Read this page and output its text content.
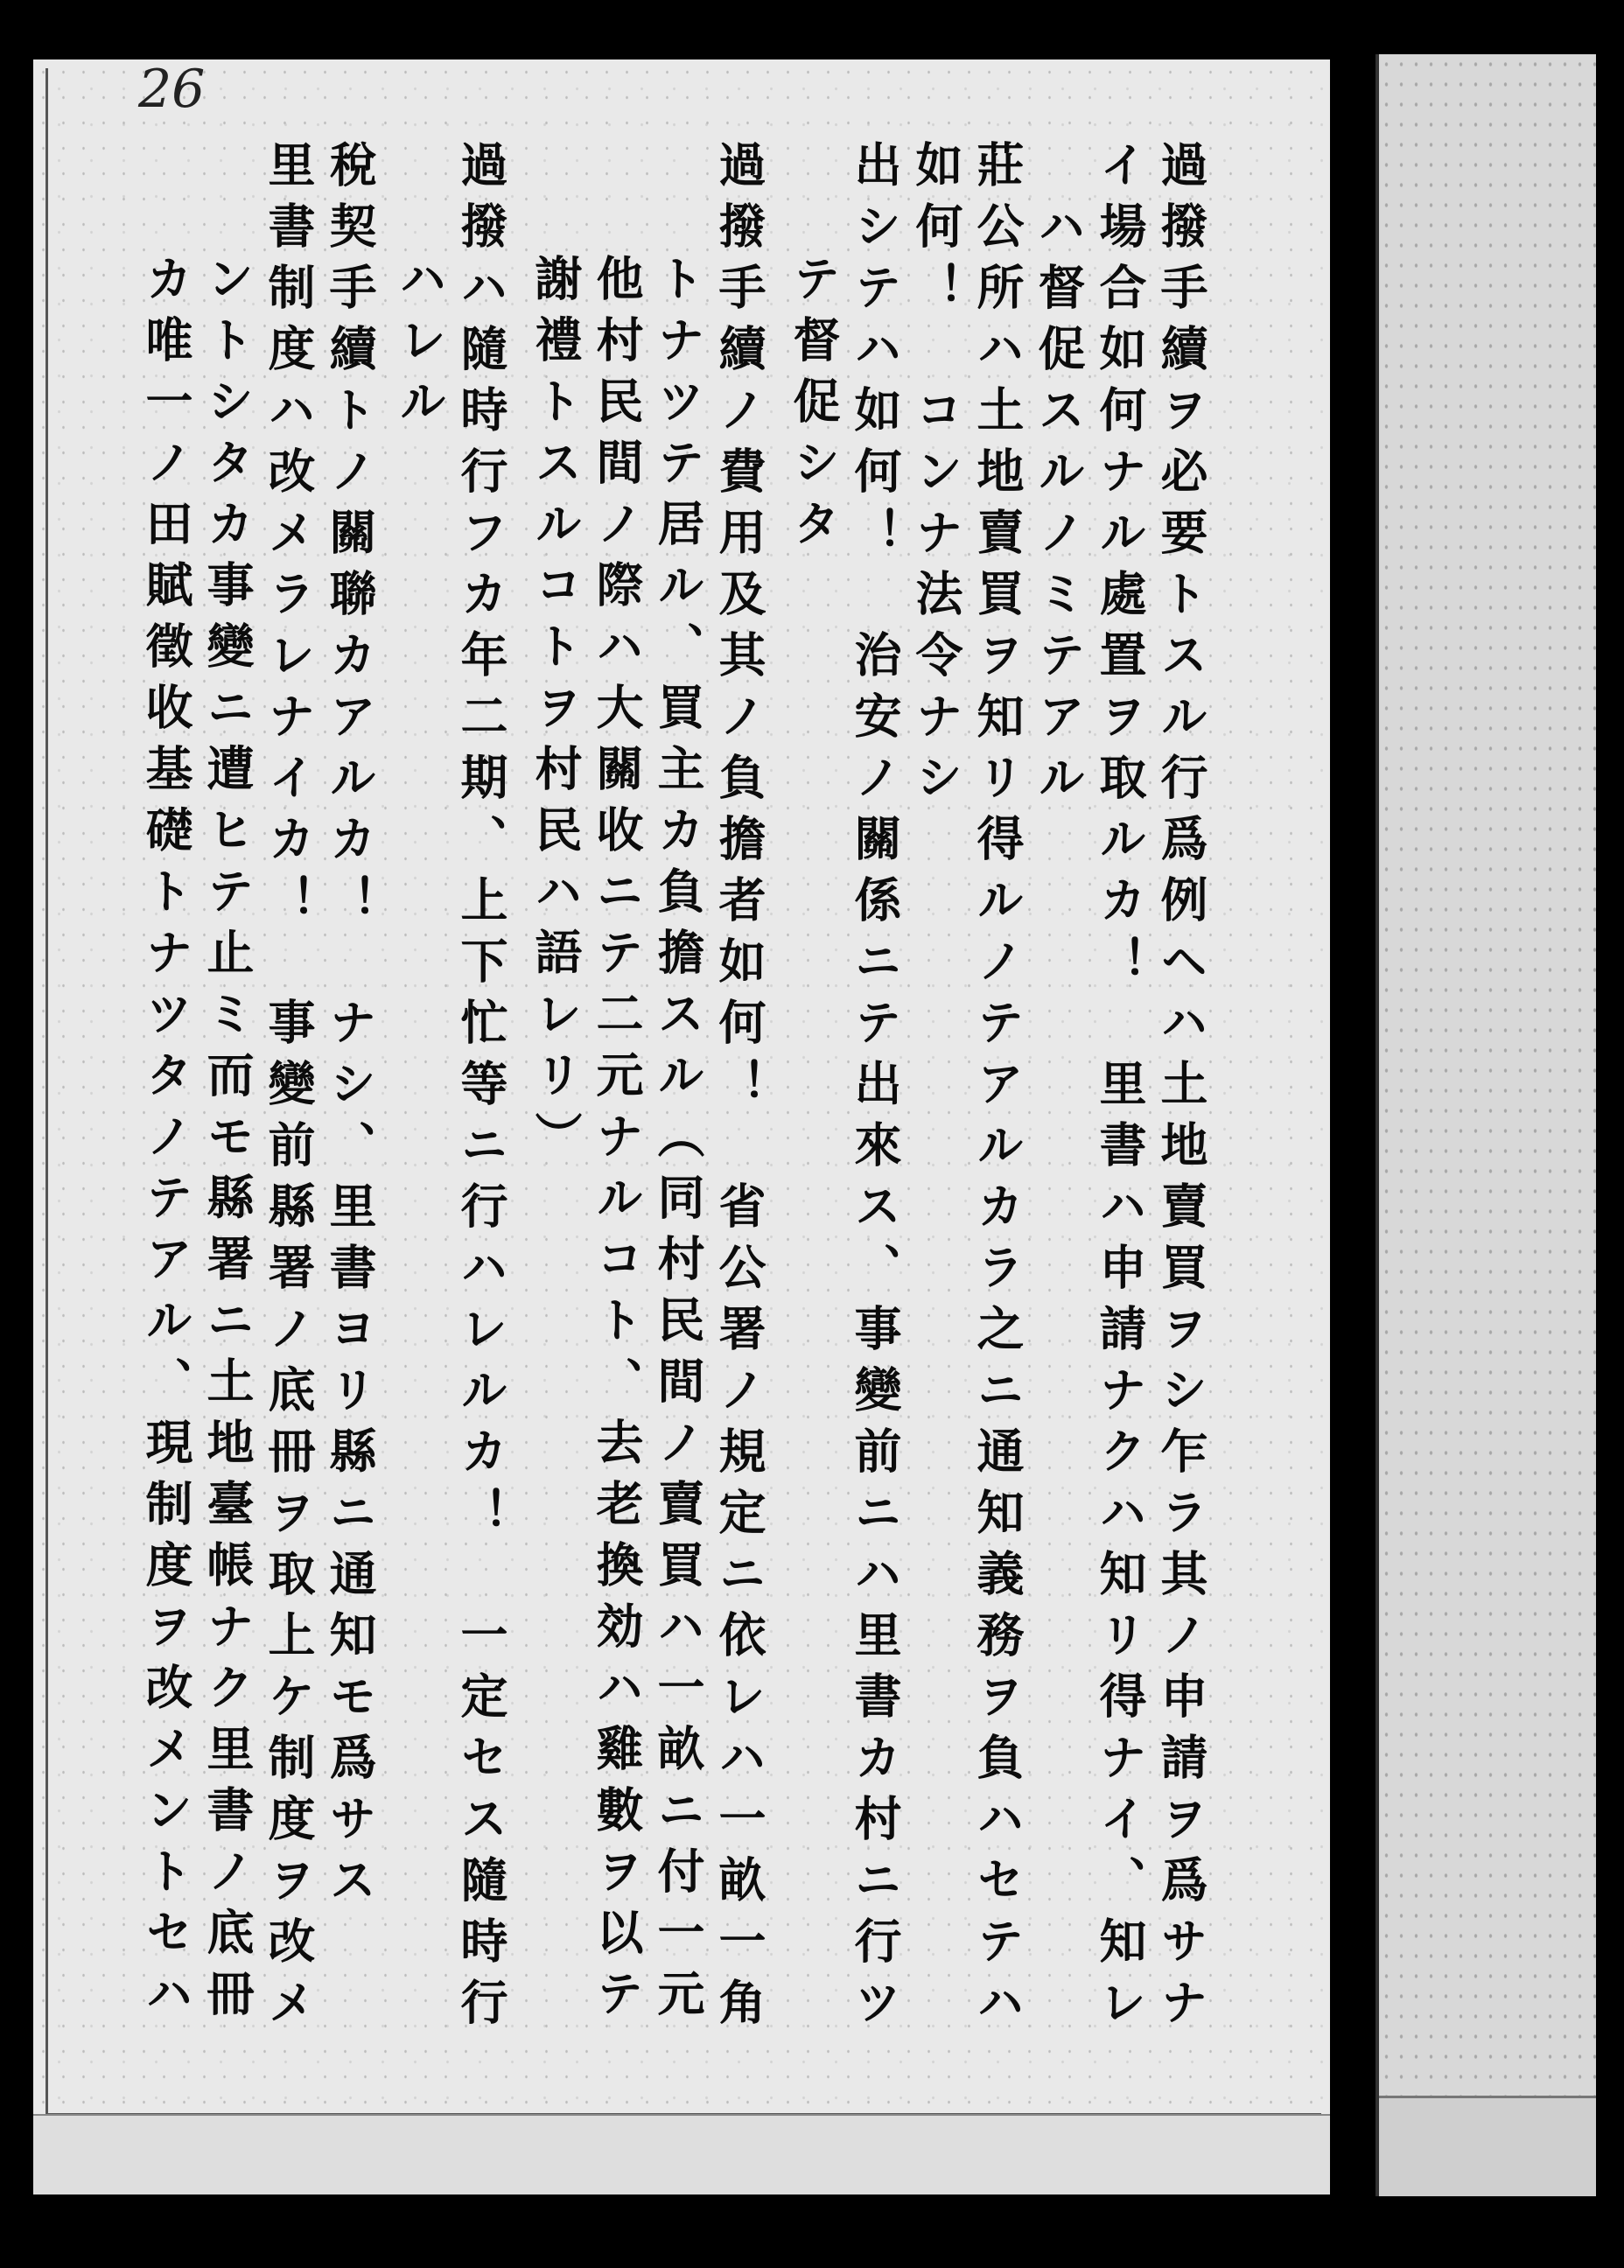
26
過撥手續ヲ必要トスル行爲例ヘハ土地賣買ヲシ乍ラ其ノ申請ヲ爲サナ
イ場合如何ナル處置ヲ取ルカ！　里書ハ申請ナクハ知リ得ナイ、知レ
ハ督促スルノミテアル
莊公所ハ土地賣買ヲ知リ得ルノテアルカラ之ニ通知義務ヲ負ハセテハ
如何！　コンナ法令ナシ
出シテハ如何！　治安ノ關係ニテ出來ス、事變前ニハ里書カ村ニ行ツ
テ督促シタ
過撥手續ノ費用及其ノ負擔者如何！　省公署ノ規定ニ依レハ一畝一角
トナツテ居ル、買主カ負擔スル（同村民間ノ賣買ハ一畝ニ付一元
他村民間ノ際ハ大關收ニテ二元ナルコト、去老換効ハ雞數ヲ以テ
謝禮トスルコトヲ村民ハ語レリ）
過撥ハ隨時行フカ年二期、上下忙等ニ行ハレルカ！　一定セス隨時行
ハレル
稅契手續トノ關聯カアルカ！　ナシ、里書ヨリ縣ニ通知モ爲サス
里書制度ハ改メラレナイカ！　事變前縣署ノ底冊ヲ取上ケ制度ヲ改メ
ントシタカ事變ニ遭ヒテ止ミ而モ縣署ニ土地臺帳ナク里書ノ底冊
カ唯一ノ田賦徵收基礎トナツタノテアル、現制度ヲ改メントセハ
